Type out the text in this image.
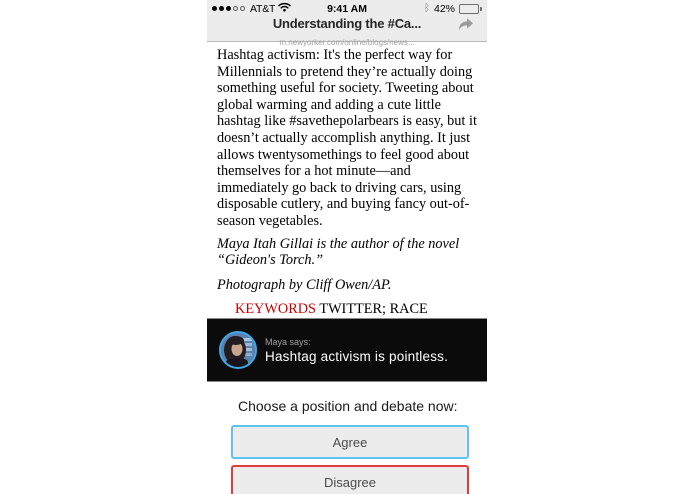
AT&T	9:41 AM	ᛒ 42%
Understanding the #Ca...
m.newyorker.com/online/blogs/news...

Hashtag activism: It's the perfect way for Millennials to pretend they’re actually doing something useful for society. Tweeting about global warming and adding a cute little hashtag like #savethepolarbears is easy, but it doesn’t actually accomplish anything. It just allows twentysomethings to feel good about themselves for a hot minute—and immediately go back to driving cars, using disposable cutlery, and buying fancy out-of-season vegetables.

Maya Itah Gillai is the author of the novel “Gideon's Torch.”

Photograph by Cliff Owen/AP.

KEYWORDS TWITTER; RACE

Maya says:
Hashtag activism is pointless.
Choose a position and debate now:
Agree
Disagree
